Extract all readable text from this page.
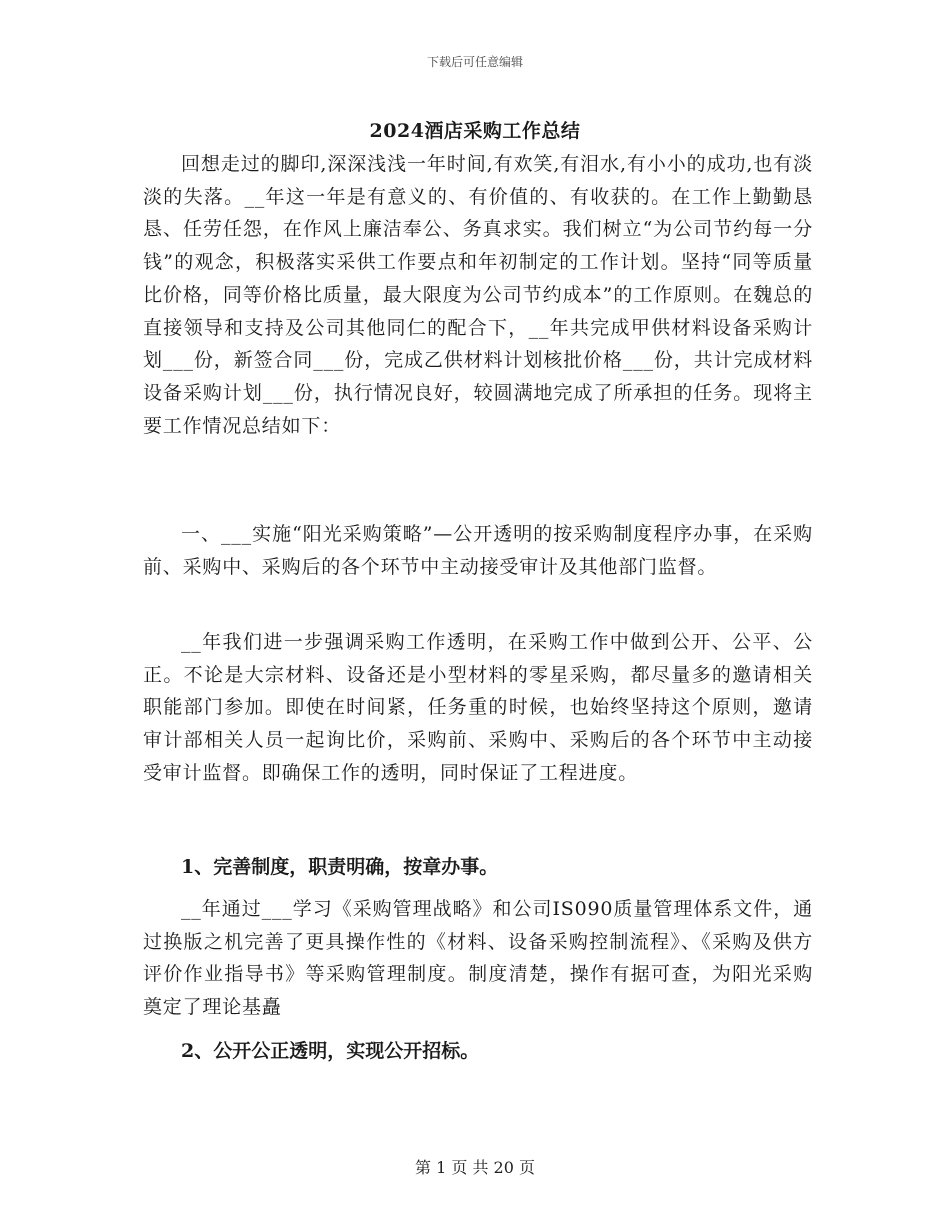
下载后可任意编辑
2024酒店采购工作总结

回想走过的脚印,深深浅浅一年时间,有欢笑,有泪水,有小小的成功,也有淡淡的失落。__年这一年是有意义的、有价值的、有收获的。在工作上勤勤恳恳、任劳任怨，在作风上廉洁奉公、务真求实。我们树立“为公司节约每一分钱”的观念，积极落实采供工作要点和年初制定的工作计划。坚持“同等质量比价格，同等价格比质量，最大限度为公司节约成本”的工作原则。在魏总的直接领导和支持及公司其他同仁的配合下，__年共完成甲供材料设备采购计划___份，新签合同___份，完成乙供材料计划核批价格___份，共计完成材料设备采购计划___份，执行情况良好，较圆满地完成了所承担的任务。现将主要工作情况总结如下：

一、___实施“阳光采购策略”—公开透明的按采购制度程序办事，在采购前、采购中、采购后的各个环节中主动接受审计及其他部门监督。

__年我们进一步强调采购工作透明，在采购工作中做到公开、公平、公正。不论是大宗材料、设备还是小型材料的零星采购，都尽量多的邀请相关职能部门参加。即使在时间紧，任务重的时候，也始终坚持这个原则，邀请审计部相关人员一起询比价，采购前、采购中、采购后的各个环节中主动接受审计监督。即确保工作的透明，同时保证了工程进度。

1、完善制度，职责明确，按章办事。

__年通过___学习《采购管理战略》和公司IS090质量管理体系文件，通过换版之机完善了更具操作性的《材料、设备采购控制流程》、《采购及供方评价作业指导书》等采购管理制度。制度清楚，操作有据可查，为阳光采购奠定了理论基矗

2、公开公正透明，实现公开招标。

第 1 页 共 20 页
